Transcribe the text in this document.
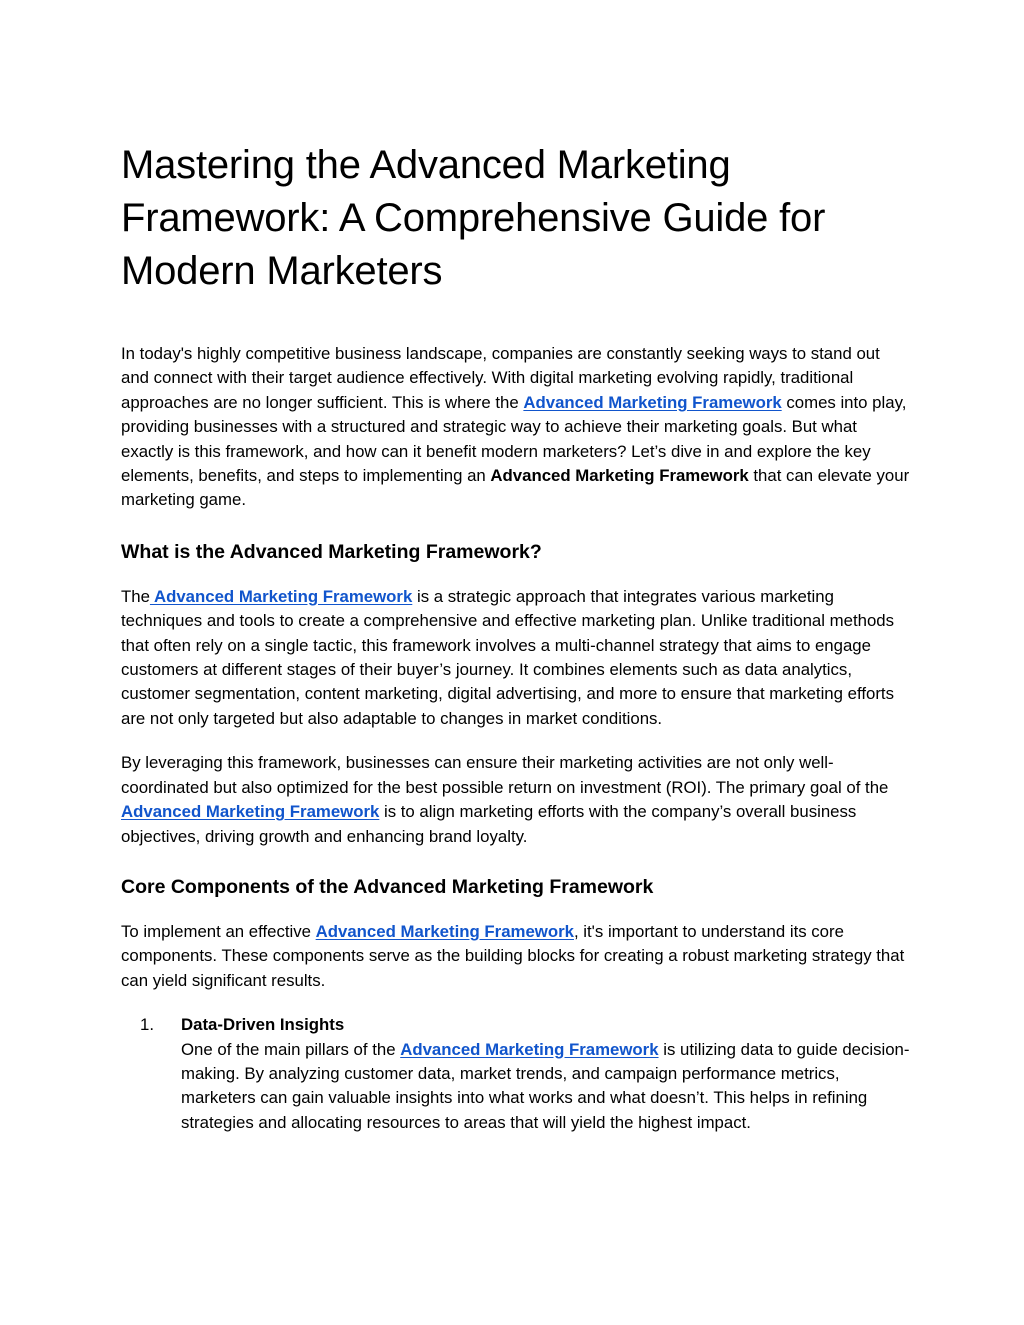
Mastering the Advanced Marketing Framework: A Comprehensive Guide for Modern Marketers

In today's highly competitive business landscape, companies are constantly seeking ways to stand out and connect with their target audience effectively. With digital marketing evolving rapidly, traditional approaches are no longer sufficient. This is where the Advanced Marketing Framework comes into play, providing businesses with a structured and strategic way to achieve their marketing goals. But what exactly is this framework, and how can it benefit modern marketers? Let’s dive in and explore the key elements, benefits, and steps to implementing an Advanced Marketing Framework that can elevate your marketing game.

What is the Advanced Marketing Framework?

The Advanced Marketing Framework is a strategic approach that integrates various marketing techniques and tools to create a comprehensive and effective marketing plan. Unlike traditional methods that often rely on a single tactic, this framework involves a multi-channel strategy that aims to engage customers at different stages of their buyer’s journey. It combines elements such as data analytics, customer segmentation, content marketing, digital advertising, and more to ensure that marketing efforts are not only targeted but also adaptable to changes in market conditions.

By leveraging this framework, businesses can ensure their marketing activities are not only well-coordinated but also optimized for the best possible return on investment (ROI). The primary goal of the Advanced Marketing Framework is to align marketing efforts with the company’s overall business objectives, driving growth and enhancing brand loyalty.

Core Components of the Advanced Marketing Framework

To implement an effective Advanced Marketing Framework, it's important to understand its core components. These components serve as the building blocks for creating a robust marketing strategy that can yield significant results.

1. Data-Driven Insights
One of the main pillars of the Advanced Marketing Framework is utilizing data to guide decision-making. By analyzing customer data, market trends, and campaign performance metrics, marketers can gain valuable insights into what works and what doesn’t. This helps in refining strategies and allocating resources to areas that will yield the highest impact.
